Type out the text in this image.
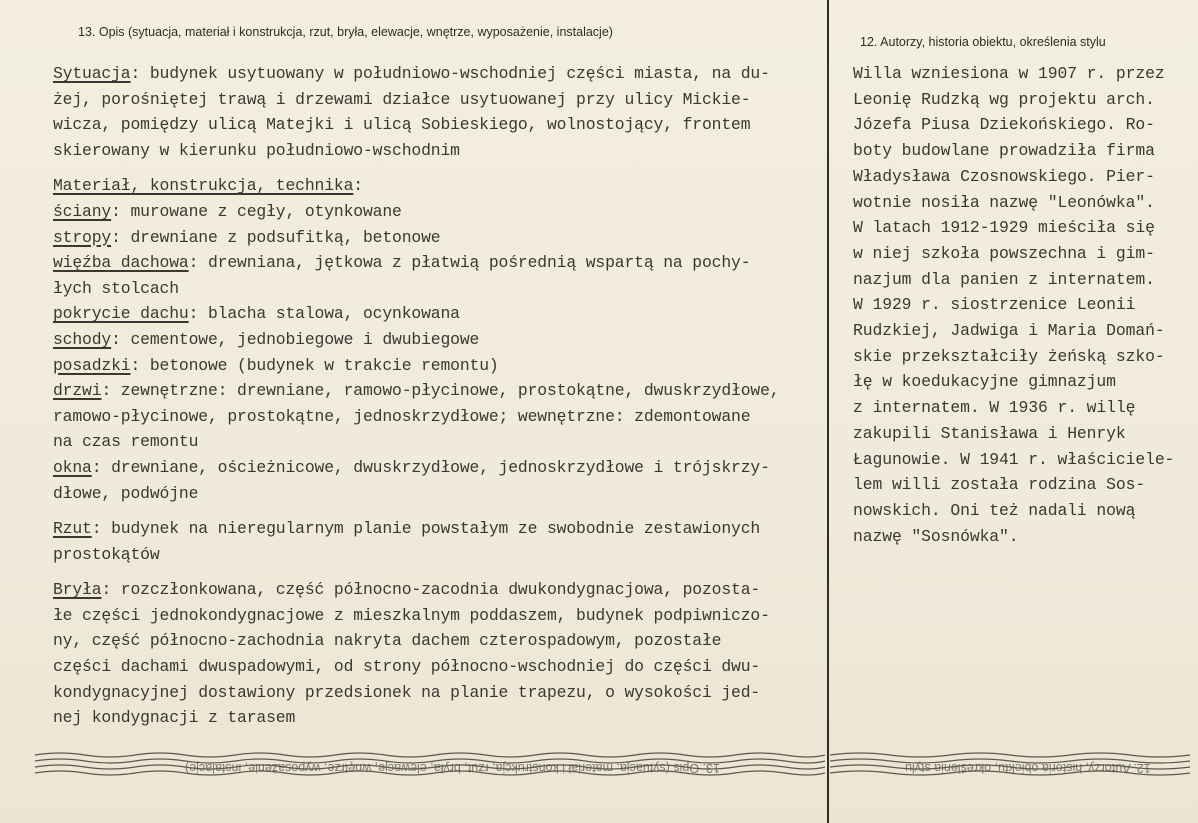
13. Opis (sytuacja, materiał i konstrukcja, rzut, bryła, elewacje, wnętrze, wyposażenie, instalacje)
12. Autorzy, historia obiektu, określenia stylu
Sytuacja: budynek usytuowany w południowo-wschodniej części miasta, na du-
żej, porośniętej trawą i drzewami działce usytuowanej przy ulicy Mickie-
wicza, pomiędzy ulicą Matejki i ulicą Sobieskiego, wolnostojący, frontem
skierowany w kierunku południowo-wschodnim
Materiał, konstrukcja, technika:
ściany: murowane z cegły, otynkowane
stropy: drewniane z podsufitką, betonowe
więźba dachowa: drewniana, jętkowa z płatwią pośrednią wspartą na pochy-
łych stolcach
pokrycie dachu: blacha stalowa, ocynkowana
schody: cementowe, jednobiegowe i dwubiegowe
posadzki: betonowe (budynek w trakcie remontu)
drzwi: zewnętrzne: drewniane, ramowo-płycinowe, prostokątne, dwuskrzydłowe,
ramowo-płycinowe, prostokątne, jednoskrzydłowe; wewnętrzne: zdemontowane
na czas remontu
okna: drewniane, ościeżnicowe, dwuskrzydłowe, jednoskrzydłowe i trójskrzy-
dłowe, podwójne
Rzut: budynek na nieregularnym planie powstałym ze swobodnie zestawionych
prostokątów
Bryła: rozczłonkowana, część północno-zacodnia dwukondygnacjowa, pozosta-
łe części jednokondygnacjowe z mieszkalnym poddaszem, budynek podpiwniczo-
ny, część północno-zachodnia nakryta dachem czterospadowym, pozostałe
części dachami dwuspadowymi, od strony północno-wschodniej do części dwu-
kondygnacyjnej dostawiony przedsionek na planie trapezu, o wysokości jed-
nej kondygnacji z tarasem
Willa wzniesiona w 1907 r. przez
Leonię Rudzką wg projektu arch.
Józefa Piusa Dziekońskiego. Ro-
boty budowlane prowadziła firma
Władysława Czosnowskiego. Pier-
wotnie nosiła nazwę "Leonówka".
W latach 1912-1929 mieściła się
w niej szkoła powszechna i gim-
nazjum dla panien z internatem.
W 1929 r. siostrzenice Leonii
Rudzkiej, Jadwiga i Maria Domań-
skie przekształciły żeńską szko-
łę w koedukacyjne gimnazjum
z internatem. W 1936 r. willę
zakupili Stanisława i Henryk
Łagunowie. W 1941 r. właściciele-
lem willi została rodzina Sos-
nowskich. Oni też nadali nową
nazwę "Sosnówka".
13. Opis (sytuacja, materiał i konstrukcja, rzut, bryła, elewacje, wnętrze, wyposażenie, instalacje)	12. Autorzy, historia obiektu, określenia stylu
